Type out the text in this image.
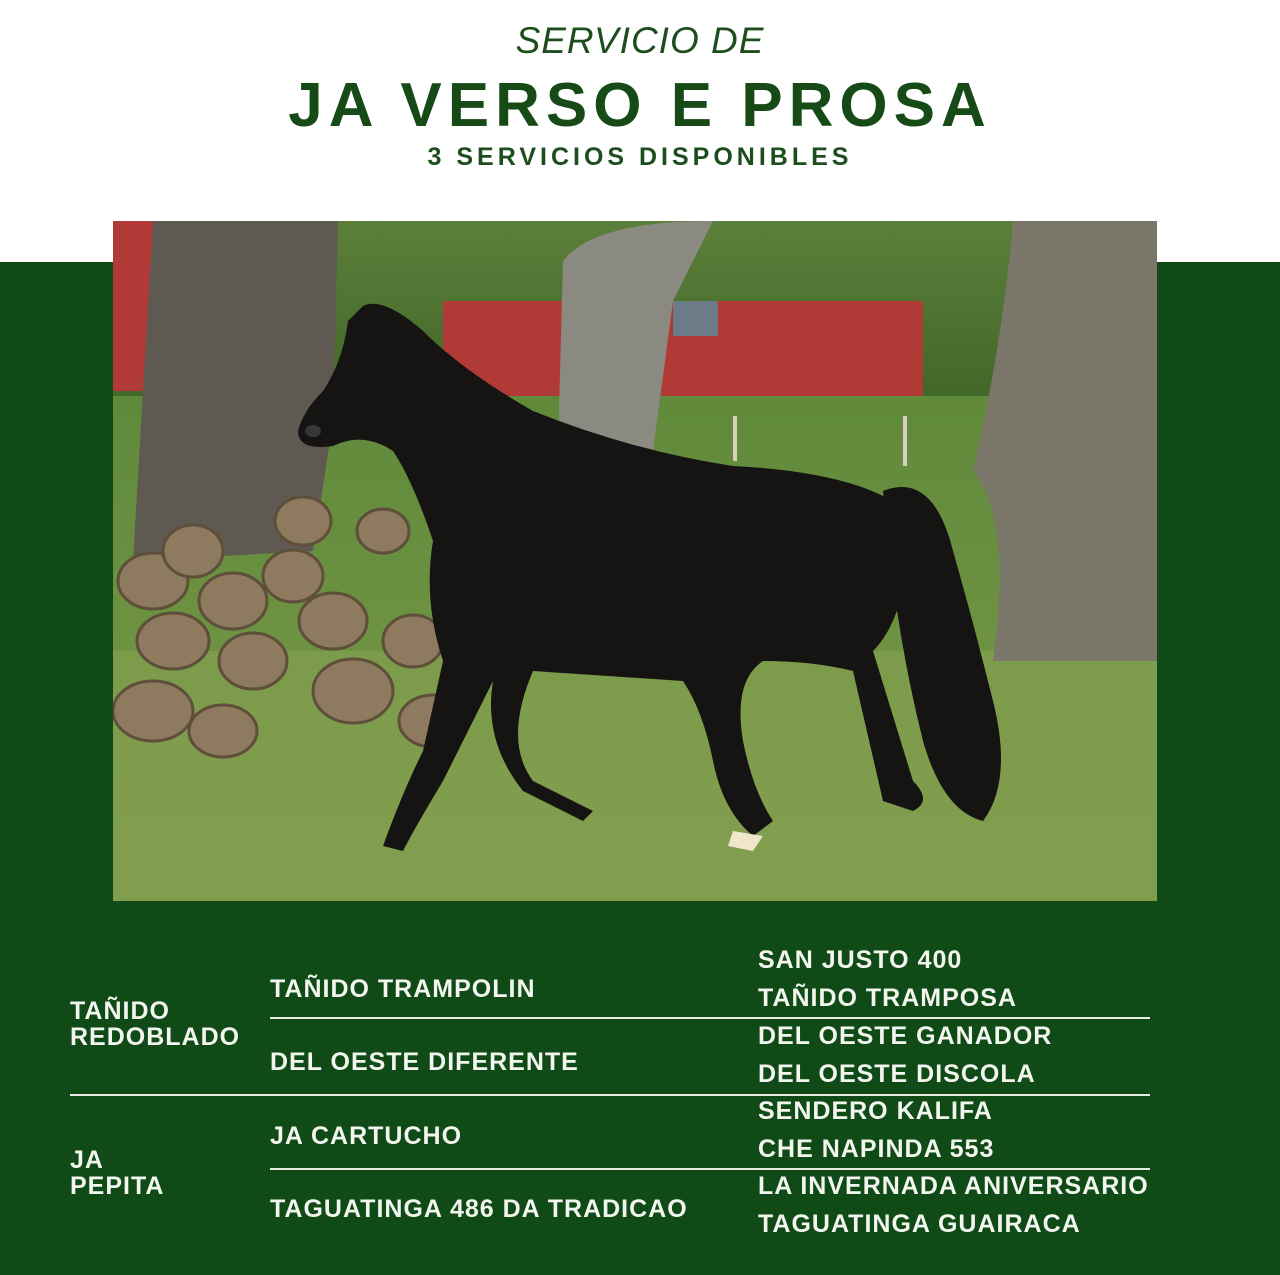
SERVICIO DE
JA VERSO E PROSA
3 SERVICIOS DISPONIBLES
TAÑIDO
REDOBLADO
TAÑIDO TRAMPOLIN
SAN JUSTO 400
TAÑIDO TRAMPOSA
DEL OESTE DIFERENTE
DEL OESTE GANADOR
DEL OESTE DISCOLA
JA
PEPITA
JA CARTUCHO
SENDERO KALIFA
CHE NAPINDA 553
TAGUATINGA 486 DA TRADICAO
LA INVERNADA ANIVERSARIO
TAGUATINGA GUAIRACA
